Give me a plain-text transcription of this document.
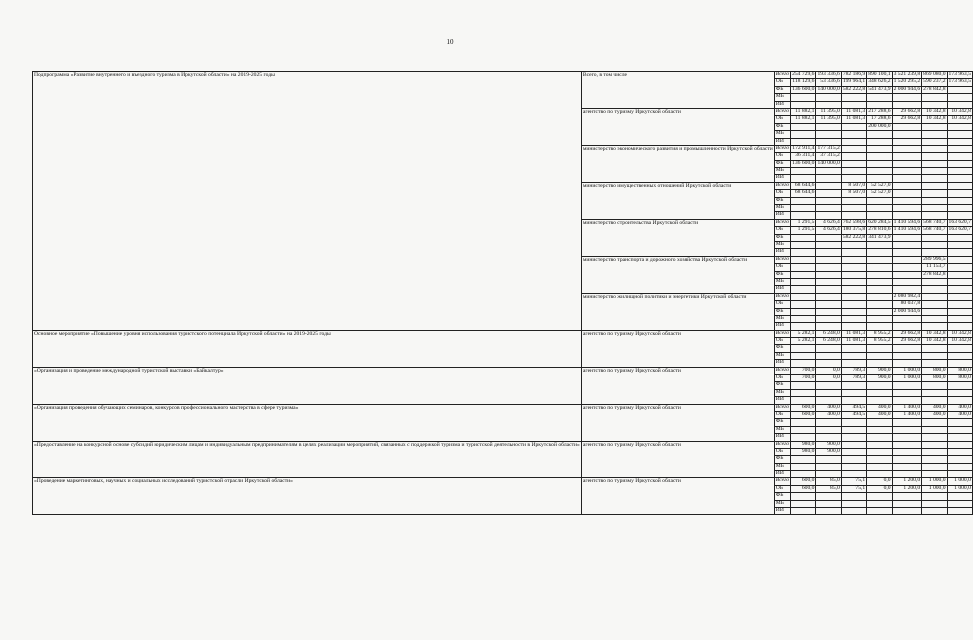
10
Подпрограмма «Развитие внутреннего и въездного туризма в Иркутской области» на 2019-2025 годы	Всего, в том числе	Всего	254 729,6	193 336,6	782 186,9	890 100,1	3 521 239,8	869 080,0	173 963,5
		ОБ	118 129,6	53 336,6	199 964,1	348 626,2	1 520 295,2	590 237,2	173 963,5
		ФБ	136 600,0	140 000,0	582 222,8	541 473,9	2 000 944,6	278 842,8	
		МБ							
		ИИ							
	агентство по туризму Иркутской области	Всего	11 882,1	11 395,0	11 081,3	217 288,6	29 662,8	10 342,8	10 342,8
		ОБ	11 882,1	11 395,0	11 081,3	17 288,6	29 662,8	10 342,8	10 342,8
		ФБ				200 000,0			
		МБ							
		ИИ							
	министерство экономического развития и промышленности Иркутской области	Всего	172 911,4	177 315,2					
		ОБ	36 311,4	37 315,2					
		ФБ	136 600,0	140 000,0					
		МБ							
		ИИ							
	министерство имущественных отношений Иркутской области	Всего	68 644,6		8 507,0	52 527,0			
		ОБ	68 644,6		8 507,0	52 527,0			
		ФБ							
		МБ							
		ИИ							
	министерство строительства Иркутской области	Всего	1 291,5	4 626,4	762 598,6	620 284,5	1 410 594,6	568 740,7	163 620,7
		ОБ	1 291,5	4 626,4	180 375,8	278 810,6	1 410 594,6	568 740,7	163 620,7
		ФБ			582 222,8	341 473,9			
		МБ							
		ИИ							
	министерство транспорта и дорожного хозяйства Иркутской области	Всего						289 996,5	
		ОБ						11 153,7	
		ФБ						278 842,8	
		МБ							
		ИИ							
	министерство жилищной политики и энергетики Иркутской области	Всего					2 080 982,4		
		ОБ					80 037,8		
		ФБ					2 000 944,6		
		МБ							
		ИИ							
Основное мероприятие «Повышение уровня использования туристского потенциала Иркутской области» на 2019-2025 годы	агентство по туризму Иркутской области	Всего	5 282,1	6 248,0	11 081,3	8 955,2	29 662,8	10 342,8	10 342,8
		ОБ	5 282,1	6 248,0	11 081,3	8 955,2	29 662,8	10 342,8	10 342,8
		ФБ							
		МБ							
		ИИ							
«Организация и проведение международной туристской выставки «Байкалтур»	агентство по туризму Иркутской области	Всего	700,0	0,0	789,3	900,0	1 000,0	800,0	800,0
		ОБ	700,0	0,0	789,3	900,0	1 000,0	800,0	800,0
		ФБ							
		МБ							
		ИИ							
«Организация проведения обучающих семинаров, конкурсов профессионального мастерства в сфере туризма»	агентство по туризму Иркутской области	Всего	600,0	400,0	494,5	400,0	1 400,0	400,0	400,0
		ОБ	600,0	400,0	494,5	400,0	1 400,0	400,0	400,0
		ФБ							
		МБ							
		ИИ							
«Предоставление на конкурсной основе субсидий юридическим лицам и индивидуальным предпринимателям в целях реализации мероприятий, связанных с поддержкой туризма и туристской деятельности в Иркутской области»	агентство по туризму Иркутской области	Всего	980,0	900,0					
		ОБ	980,0	900,0					
		ФБ							
		МБ							
		ИИ							
«Проведение маркетинговых, научных и социальных исследований туристской отрасли Иркутской области»	агентство по туризму Иркутской области	Всего	600,0	85,0	75,1	0,0	1 200,0	1 000,0	1 000,0
		ОБ	600,0	85,0	75,1	0,0	1 200,0	1 000,0	1 000,0
		ФБ							
		МБ							
		ИИ							
